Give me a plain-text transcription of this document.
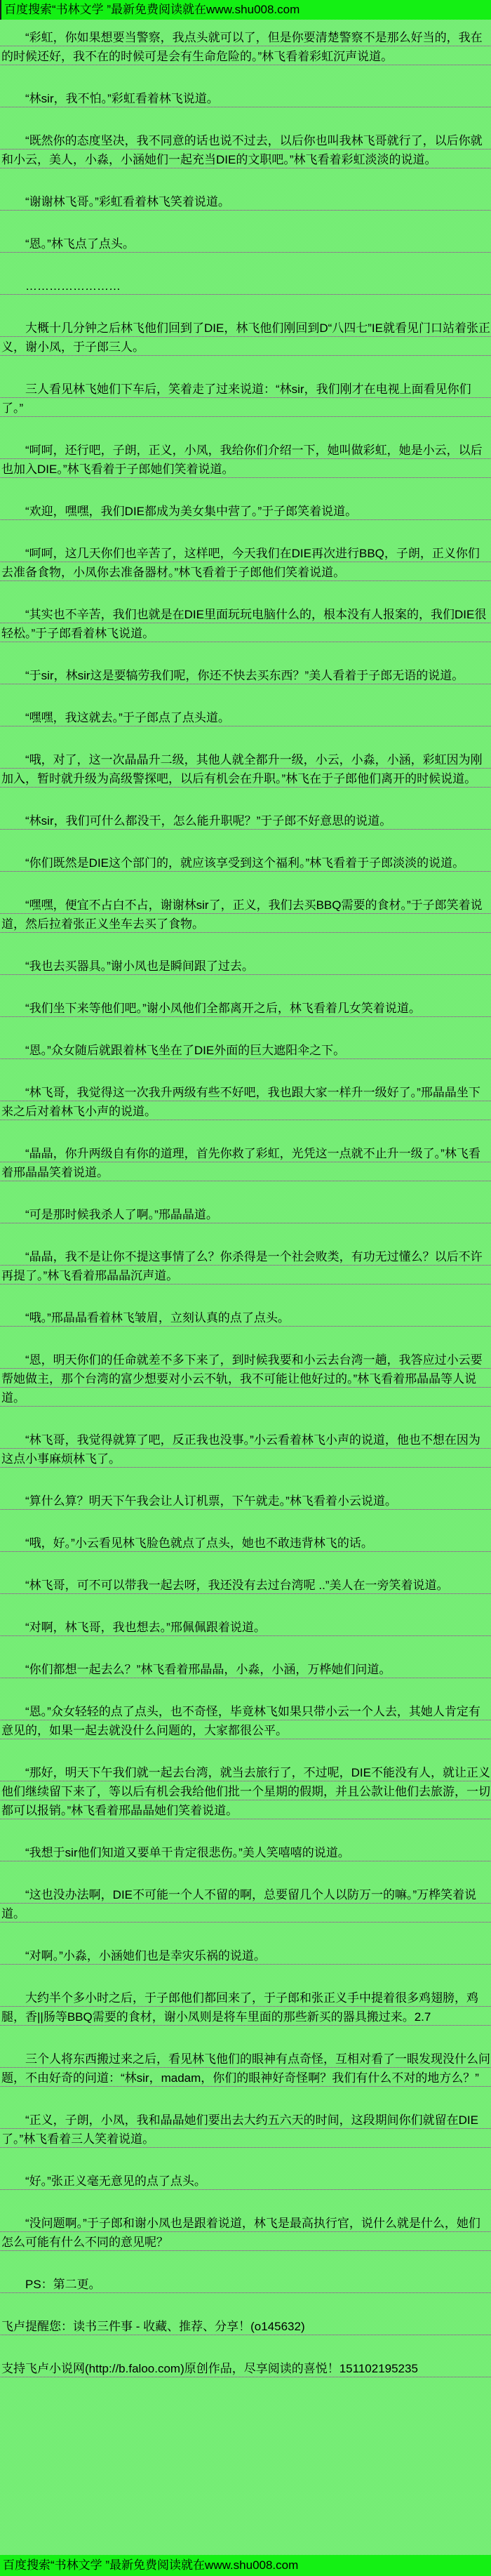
百度搜索“书林文学 ”最新免费阅读就在www.shu008.com

“彩虹，你如果想要当警察，我点头就可以了，但是你要清楚警察不是那么好当的，我在的时候还好，我不在的时候可是会有生命危险的。”林飞看着彩虹沉声说道。

“林sir，我不怕。”彩虹看着林飞说道。

“既然你的态度坚决，我不同意的话也说不过去，以后你也叫我林飞哥就行了，以后你就和小云，美人，小淼，小涵她们一起充当DIE的文职吧。”林飞看着彩虹淡淡的说道。

“谢谢林飞哥。”彩虹看着林飞笑着说道。

“恩。”林飞点了点头。

……………………

大概十几分钟之后林飞他们回到了DIE，林飞他们刚回到D“八四七”IE就看见门口站着张正义，谢小凤，于子郎三人。

三人看见林飞她们下车后，笑着走了过来说道：“林sir，我们刚才在电视上面看见你们了。”

“呵呵，还行吧，子朗，正义，小凤，我给你们介绍一下，她叫做彩虹，她是小云，以后也加入DIE。”林飞看着于子郎她们笑着说道。

“欢迎，嘿嘿，我们DIE都成为美女集中营了。”于子郎笑着说道。

“呵呵，这几天你们也辛苦了，这样吧，今天我们在DIE再次进行BBQ，子朗，正义你们去准备食物，小凤你去准备器材。”林飞看着于子郎他们笑着说道。

“其实也不辛苦，我们也就是在DIE里面玩玩电脑什么的，根本没有人报案的，我们DIE很轻松。”于子郎看着林飞说道。

“于sir，林sir这是要犒劳我们呢，你还不快去买东西？”美人看着于子郎无语的说道。

“嘿嘿，我这就去。”于子郎点了点头道。

“哦，对了，这一次晶晶升二级，其他人就全都升一级，小云，小淼，小涵，彩虹因为刚加入，暂时就升级为高级警探吧，以后有机会在升职。”林飞在于子郎他们离开的时候说道。

“林sir，我们可什么都没干，怎么能升职呢？”于子郎不好意思的说道。

“你们既然是DIE这个部门的，就应该享受到这个福利。”林飞看着于子郎淡淡的说道。

“嘿嘿，便宜不占白不占，谢谢林sir了，正义，我们去买BBQ需要的食材。”于子郎笑着说道，然后拉着张正义坐车去买了食物。

“我也去买器具。”谢小凤也是瞬间跟了过去。

“我们坐下来等他们吧。”谢小凤他们全都离开之后，林飞看着几女笑着说道。

“恩。”众女随后就跟着林飞坐在了DIE外面的巨大遮阳伞之下。

“林飞哥，我觉得这一次我升两级有些不好吧，我也跟大家一样升一级好了。”邢晶晶坐下来之后对着林飞小声的说道。

“晶晶，你升两级自有你的道理，首先你救了彩虹，光凭这一点就不止升一级了。”林飞看着邢晶晶笑着说道。

“可是那时候我杀人了啊。”邢晶晶道。

“晶晶，我不是让你不提这事情了么？你杀得是一个社会败类，有功无过懂么？以后不许再提了。”林飞看着邢晶晶沉声道。

“哦。”邢晶晶看着林飞皱眉，立刻认真的点了点头。

“恩，明天你们的任命就差不多下来了，到时候我要和小云去台湾一趟，我答应过小云要帮她做主，那个台湾的富少想要对小云不轨，我不可能让他好过的。”林飞看着邢晶晶等人说道。

“林飞哥，我觉得就算了吧，反正我也没事。”小云看着林飞小声的说道，他也不想在因为这点小事麻烦林飞了。

“算什么算？明天下午我会让人订机票，下午就走。”林飞看着小云说道。

“哦，好。”小云看见林飞脸色就点了点头，她也不敢违背林飞的话。

“林飞哥，可不可以带我一起去呀，我还没有去过台湾呢 ..”美人在一旁笑着说道。

“对啊，林飞哥，我也想去。”邢佩佩跟着说道。

“你们都想一起去么？”林飞看着邢晶晶，小淼，小涵，万桦她们问道。

“恩。”众女轻轻的点了点头，也不奇怪，毕竟林飞如果只带小云一个人去，其她人肯定有意见的，如果一起去就没什么问题的，大家都很公平。

“那好，明天下午我们就一起去台湾，就当去旅行了，不过呢，DIE不能没有人，就让正义他们继续留下来了，等以后有机会我给他们批一个星期的假期，并且公款让他们去旅游，一切都可以报销。”林飞看着邢晶晶她们笑着说道。

“我想于sir他们知道又要单干肯定很悲伤。”美人笑嘻嘻的说道。

“这也没办法啊，DIE不可能一个人不留的啊，总要留几个人以防万一的嘛。”万桦笑着说道。

“对啊。”小淼，小涵她们也是幸灾乐祸的说道。

大约半个多小时之后，于子郎他们都回来了，于子郎和张正义手中提着很多鸡翅膀，鸡腿，香||肠等BBQ需要的食材，谢小凤则是将车里面的那些新买的器具搬过来。2.7

三个人将东西搬过来之后，看见林飞他们的眼神有点奇怪，互相对看了一眼发现没什么问题，不由好奇的问道：“林sir，madam，你们的眼神好奇怪啊？我们有什么不对的地方么？”

“正义，子朗，小凤，我和晶晶她们要出去大约五六天的时间，这段期间你们就留在DIE了。”林飞看着三人笑着说道。

“好。”张正义毫无意见的点了点头。

“没问题啊。”于子郎和谢小凤也是跟着说道，林飞是最高执行官，说什么就是什么，她们怎么可能有什么不同的意见呢？

PS：第二更。

飞卢提醒您：读书三件事 - 收藏、推荐、分享！(o145632)

支持飞卢小说网(http://b.faloo.com)原创作品，尽享阅读的喜悦！151102195235

百度搜索“书林文学 ”最新免费阅读就在www.shu008.com
